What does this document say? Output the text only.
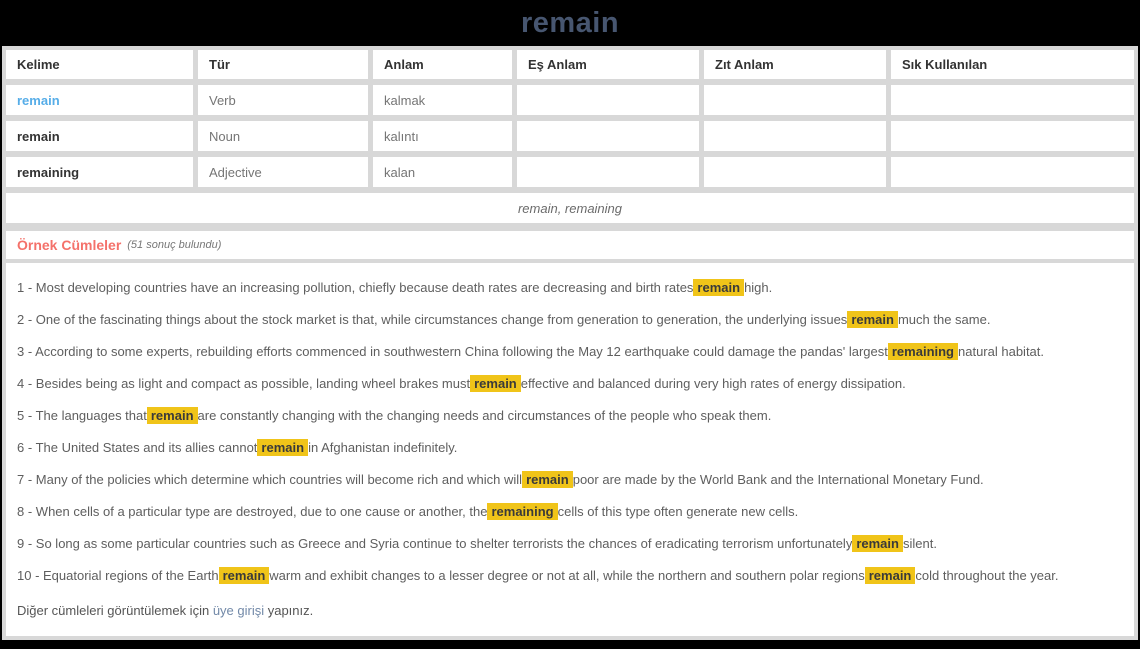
remain
Kelime	Tür	Anlam	Eş Anlam	Zıt Anlam	Sık Kullanılan
remain	Verb	kalmak
remain	Noun	kalıntı
remaining	Adjective	kalan
remain, remaining
Örnek Cümleler (51 sonuç bulundu)
1 - Most developing countries have an increasing pollution, chiefly because death rates are decreasing and birth rates remain high.
2 - One of the fascinating things about the stock market is that, while circumstances change from generation to generation, the underlying issues remain much the same.
3 - According to some experts, rebuilding efforts commenced in southwestern China following the May 12 earthquake could damage the pandas' largest remaining natural habitat.
4 - Besides being as light and compact as possible, landing wheel brakes must remain effective and balanced during very high rates of energy dissipation.
5 - The languages that remain are constantly changing with the changing needs and circumstances of the people who speak them.
6 - The United States and its allies cannot remain in Afghanistan indefinitely.
7 - Many of the policies which determine which countries will become rich and which will remain poor are made by the World Bank and the International Monetary Fund.
8 - When cells of a particular type are destroyed, due to one cause or another, the remaining cells of this type often generate new cells.
9 - So long as some particular countries such as Greece and Syria continue to shelter terrorists the chances of eradicating terrorism unfortunately remain silent.
10 - Equatorial regions of the Earth remain warm and exhibit changes to a lesser degree or not at all, while the northern and southern polar regions remain cold throughout the year.
Diğer cümleleri görüntülemek için üye girişi yapınız.
